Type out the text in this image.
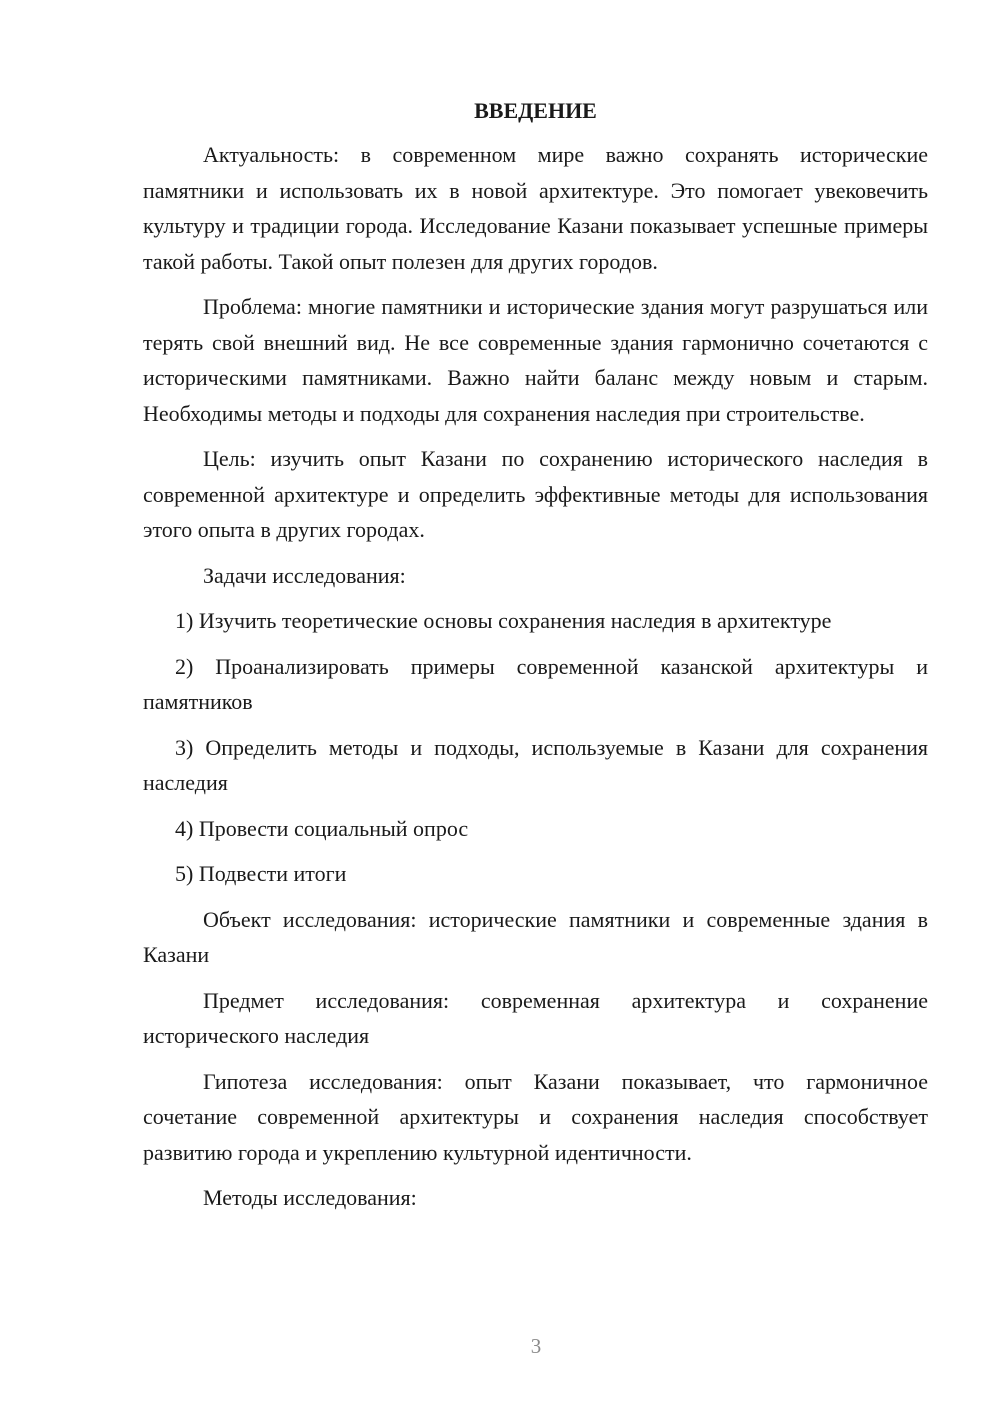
ВВЕДЕНИЕ

Актуальность: в современном мире важно сохранять исторические памятники и использовать их в новой архитектуре. Это помогает увековечить культуру и традиции города. Исследование Казани показывает успешные примеры такой работы. Такой опыт полезен для других городов.

Проблема: многие памятники и исторические здания могут разрушаться или терять свой внешний вид. Не все современные здания гармонично сочетаются с историческими памятниками. Важно найти баланс между новым и старым. Необходимы методы и подходы для сохранения наследия при строительстве.

Цель: изучить опыт Казани по сохранению исторического наследия в современной архитектуре и определить эффективные методы для использования этого опыта в других городах.

Задачи исследования:

1) Изучить теоретические основы сохранения наследия в архитектуре

2) Проанализировать примеры современной казанской архитектуры и памятников

3) Определить методы и подходы, используемые в Казани для сохранения наследия

4) Провести социальный опрос

5) Подвести итоги

Объект исследования: исторические памятники и современные здания в Казани

Предмет исследования: современная архитектура и сохранение исторического наследия

Гипотеза исследования: опыт Казани показывает, что гармоничное сочетание современной архитектуры и сохранения наследия способствует развитию города и укреплению культурной идентичности.

Методы исследования:

3
